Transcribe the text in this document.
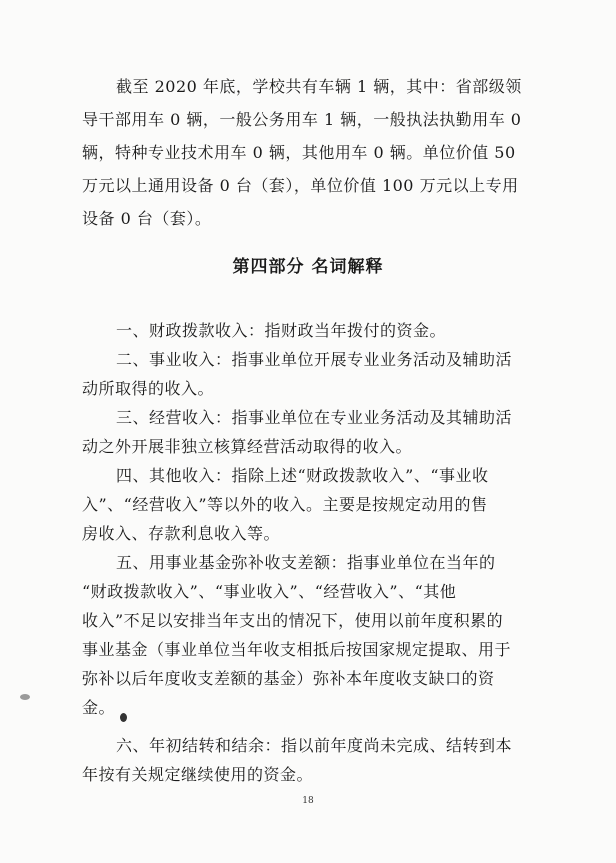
截至 2020 年底，学校共有车辆 1 辆，其中：省部级领
导干部用车 0 辆，一般公务用车 1 辆，一般执法执勤用车 0
辆，特种专业技术用车 0 辆，其他用车 0 辆。单位价值 50
万元以上通用设备 0 台（套），单位价值 100 万元以上专用
设备 0 台（套）。
第四部分 名词解释
一、财政拨款收入：指财政当年拨付的资金。
二、事业收入：指事业单位开展专业业务活动及辅助活
动所取得的收入。
三、经营收入：指事业单位在专业业务活动及其辅助活
动之外开展非独立核算经营活动取得的收入。
四、其他收入：指除上述“财政拨款收入”、“事业收
入”、“经营收入”等以外的收入。主要是按规定动用的售
房收入、存款利息收入等。
五、用事业基金弥补收支差额：指事业单位在当年的
“财政拨款收入”、“事业收入”、“经营收入”、“其他
收入”不足以安排当年支出的情况下，使用以前年度积累的
事业基金（事业单位当年收支相抵后按国家规定提取、用于
弥补以后年度收支差额的基金）弥补本年度收支缺口的资
金。
六、年初结转和结余：指以前年度尚未完成、结转到本
年按有关规定继续使用的资金。
18
